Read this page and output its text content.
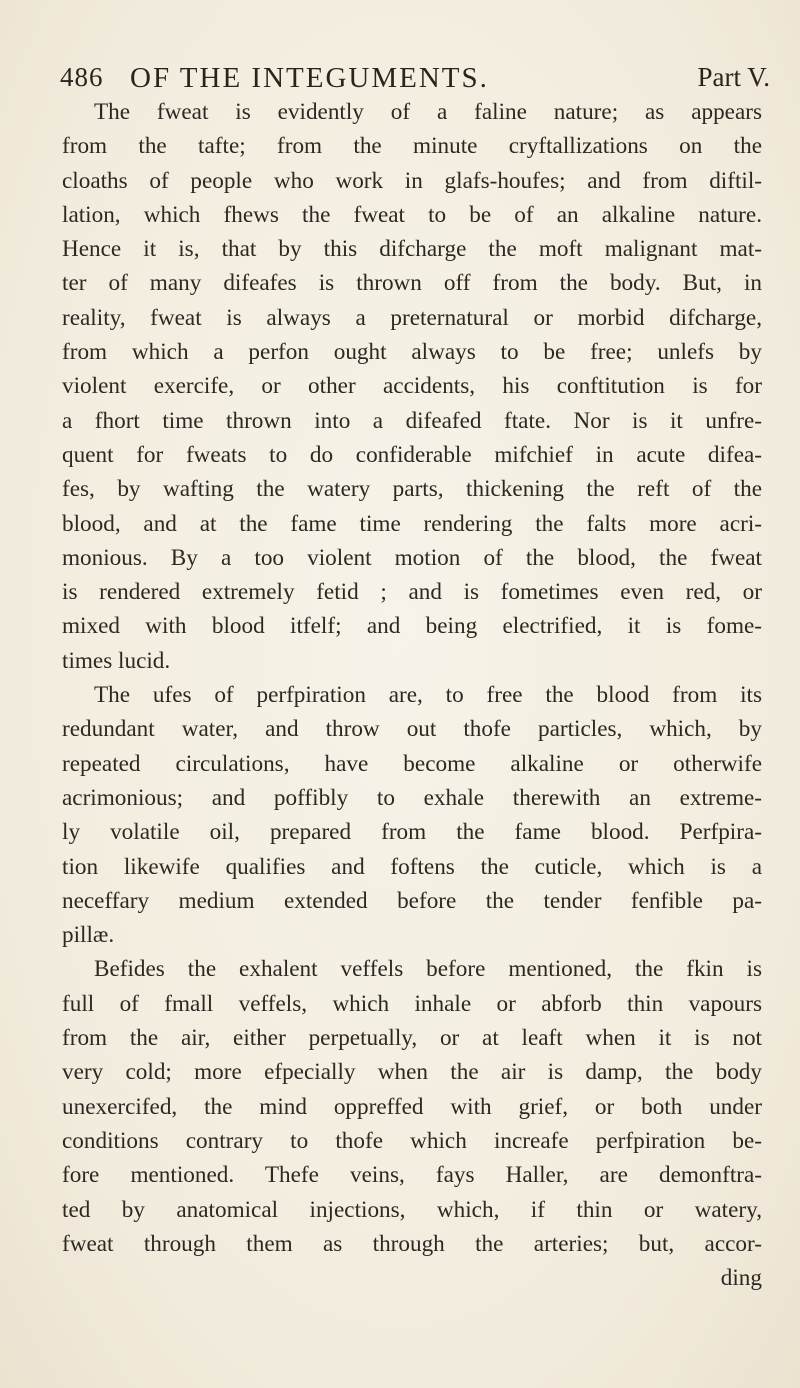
486 OF THE INTEGUMENTS.	Part V.
The fweat is evidently of a faline nature; as appears
from the tafte; from the minute cryftallizations on the
cloaths of people who work in glafs-houfes; and from diftil-
lation, which fhews the fweat to be of an alkaline nature.
Hence it is, that by this difcharge the moft malignant mat-
ter of many difeafes is thrown off from the body. But, in
reality, fweat is always a preternatural or morbid difcharge,
from which a perfon ought always to be free; unlefs by
violent exercife, or other accidents, his conftitution is for
a fhort time thrown into a difeafed ftate. Nor is it unfre-
quent for fweats to do confiderable mifchief in acute difea-
fes, by wafting the watery parts, thickening the reft of the
blood, and at the fame time rendering the falts more acri-
monious. By a too violent motion of the blood, the fweat
is rendered extremely fetid ; and is fometimes even red, or
mixed with blood itfelf; and being electrified, it is fome-
times lucid.
The ufes of perfpiration are, to free the blood from its
redundant water, and throw out thofe particles, which, by
repeated circulations, have become alkaline or otherwife
acrimonious; and poffibly to exhale therewith an extreme-
ly volatile oil, prepared from the fame blood. Perfpira-
tion likewife qualifies and foftens the cuticle, which is a
neceffary medium extended before the tender fenfible pa-
pillæ.
Befides the exhalent veffels before mentioned, the fkin is
full of fmall veffels, which inhale or abforb thin vapours
from the air, either perpetually, or at leaft when it is not
very cold; more efpecially when the air is damp, the body
unexercifed, the mind oppreffed with grief, or both under
conditions contrary to thofe which increafe perfpiration be-
fore mentioned. Thefe veins, fays Haller, are demonftra-
ted by anatomical injections, which, if thin or watery,
fweat through them as through the arteries; but, accor-
ding
